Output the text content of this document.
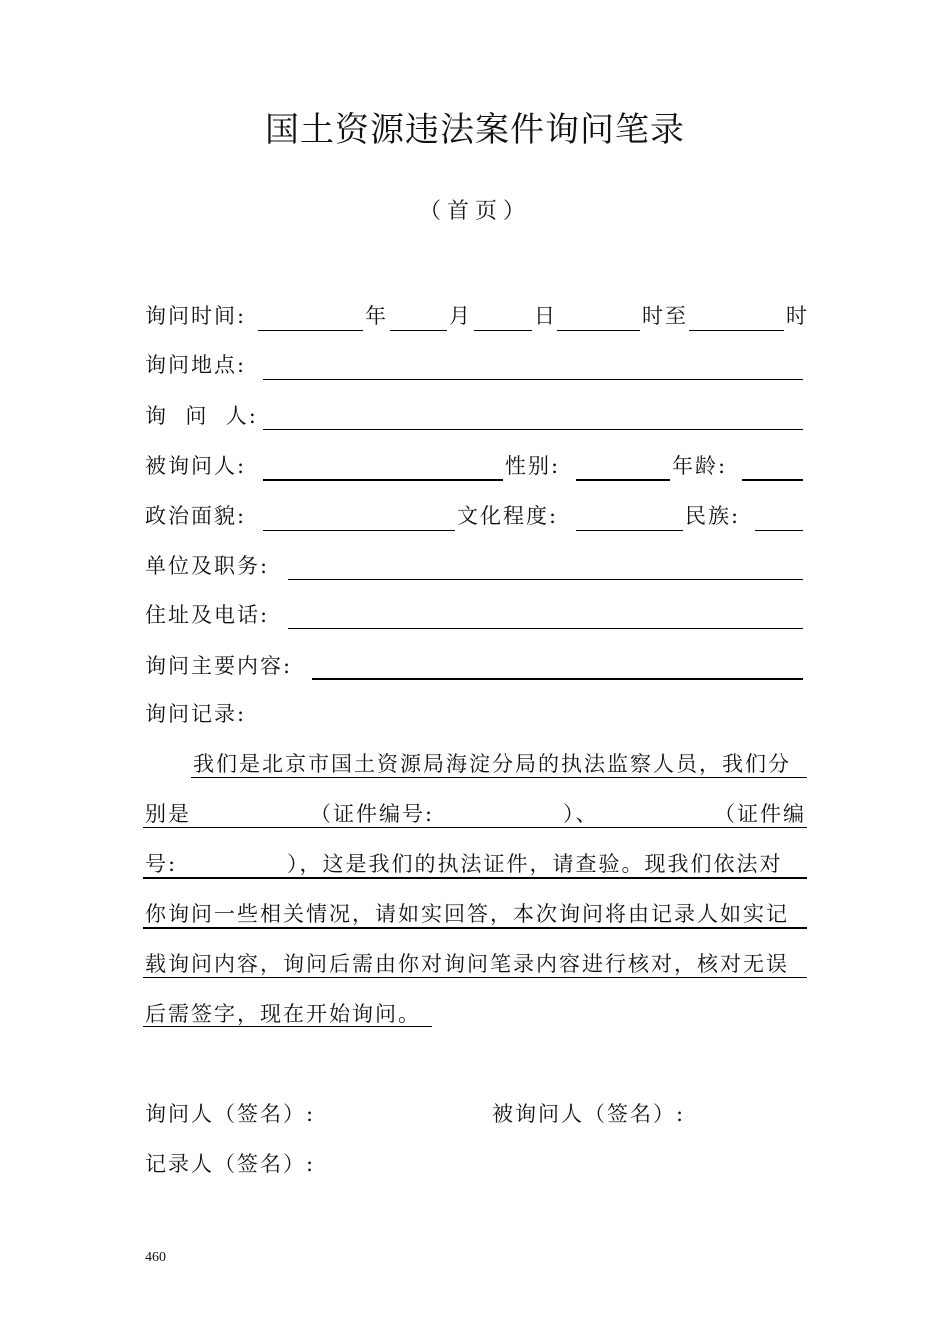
国土资源违法案件询问笔录
（首页）
询问时间:	年	月	日	时至	时
询问地点:
询  问  人:
被询问人:	性别:	年龄:
政治面貌:	文化程度:	民族:
单位及职务:
住址及电话:
询问主要内容:
询问记录:
我们是北京市国土资源局海淀分局的执法监察人员，我们分
别是	（证件编号:	）、	（证件编
号:	），这是我们的执法证件，请查验。现我们依法对
你询问一些相关情况，请如实回答，本次询问将由记录人如实记
载询问内容，询问后需由你对询问笔录内容进行核对，核对无误
后需签字，现在开始询问。
询问人（签名）:	被询问人（签名）:
记录人（签名）:
460
